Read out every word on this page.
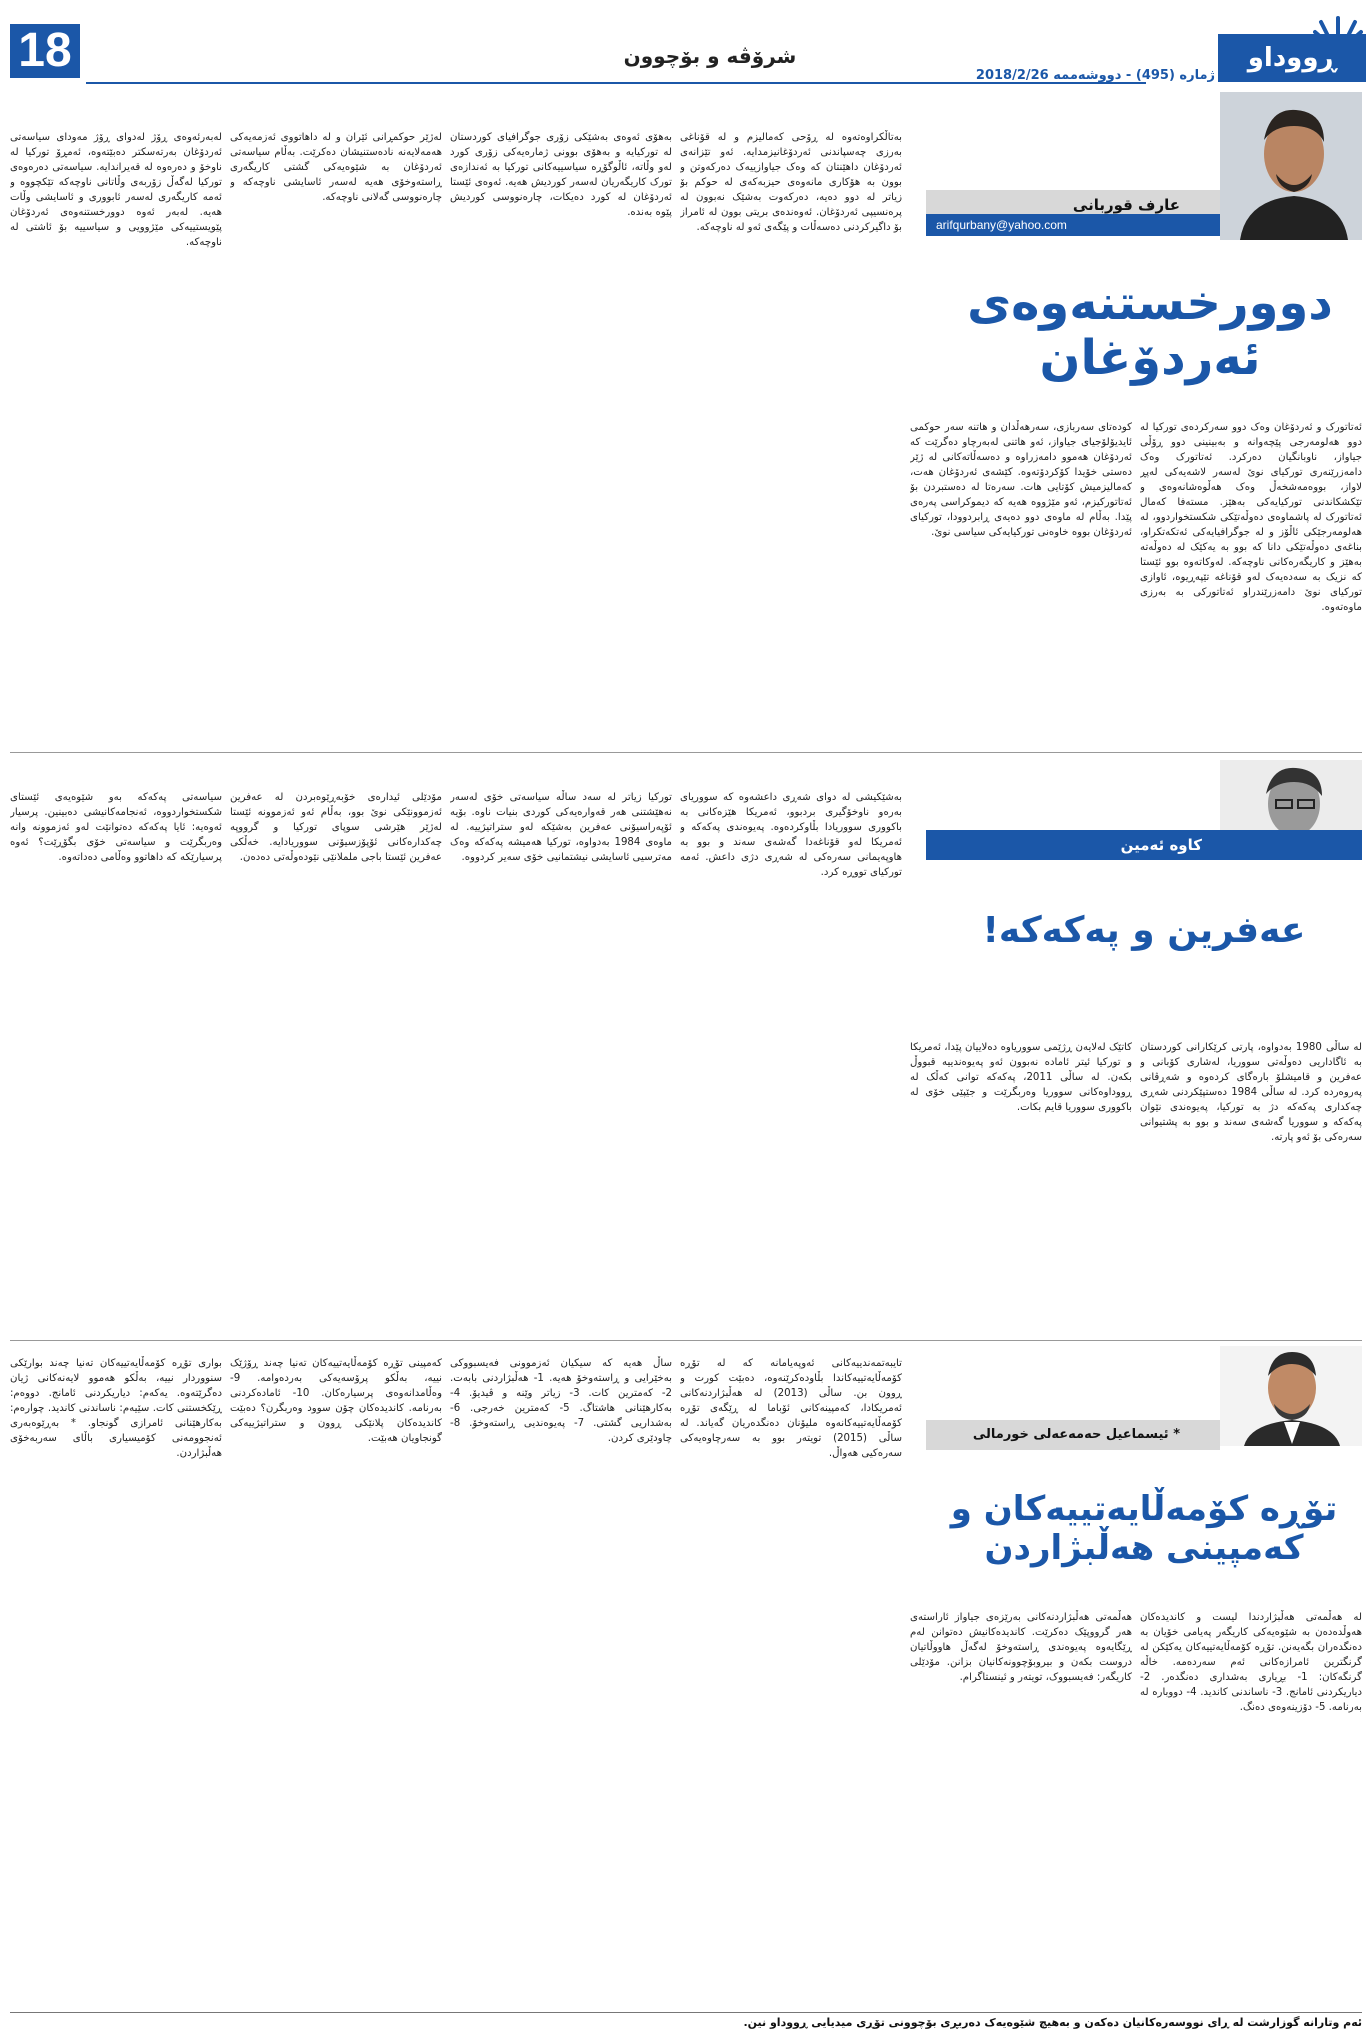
18	شرۆڤە و بۆچوون
ژمارە (495) - دووشەممە 2018/2/26
ڕووداو
عارف قوربانی
arifqurbany@yahoo.com
دوورخستنەوەی
ئەردۆغان
ئەتاتورک و ئەردۆغان وەک دوو سەرکردەی تورکیا لە دوو هەلومەرجی پێچەوانە و بەبینینی دوو ڕۆڵی جیاواز، ناوبانگیان دەرکرد. ئەتاتورک وەک دامەزرێنەری تورکیای نوێ لەسەر لاشەیەکی لەپڕ لاواز، بووەمەشخەڵ وەک هەڵوەشانەوەی و تێکشکاندنی تورکیایەکی بەهێز. مستەفا کەمال ئەتاتورک لە پاشماوەی دەوڵەتێکی شکستخواردوو، لە هەلومەرجێکی ئاڵۆز و لە جوگرافیایەکی ئەتکەتکراو، بناغەی دەوڵەتێکی دانا کە بوو بە یەکێک لە دەوڵەتە بەهێز و کاریگەرەکانی ناوچەکە. لەوکاتەوە بوو ئێستا کە نزیک بە سەدەیەک لەو قۆناغە تێپەڕیوە، ئاوازی تورکیای نوێ دامەزرێندراو ئەتاتورکی بە بەرزی ماوەتەوە.
کودەتای سەربازی، سەرهەڵدان و هاتنە سەر حوکمی ئایدیۆلۆجیای جیاواز، ئەو هاتنی لەبەرچاو دەگرێت کە ئەردۆغان هەموو دامەزراوە و دەسەڵاتەکانی لە ژێر دەستی خۆیدا کۆکردۆتەوە. کێشەی ئەردۆغان هەت، کەمالیزمیش کۆتایی هات. سەرەتا لە دەستبردن بۆ ئەتاتورکیزم، ئەو مێژووە هەیە کە دیموکراسی پەرەی پێدا. بەڵام لە ماوەی دوو دەیەی ڕابردوودا، تورکیای ئەردۆغان بووە خاوەنی تورکیایەکی سیاسی نوێ.
بەتاڵکراوەتەوە لە ڕۆحی کەمالیزم و لە قۆناغی بەرزی چەسپاندنی ئەردۆغانیزمدایە. ئەو تێزانەی ئەردۆغان داهێنتان کە وەک جیاوازییەک دەرکەوتن و بوون بە هۆکاری مانەوەی حیزبەکەی لە حوکم بۆ زیاتر لە دوو دەیە، دەرکەوت بەشێک نەبوون لە پرەنسیپی ئەردۆغان. ئەوەندەی بریتی بوون لە ئامراز بۆ داگیرکردنی دەسەڵات و پێگەی ئەو لە ناوچەکە.
بەهۆی ئەوەی بەشێکی زۆری جوگرافیای کوردستان لە تورکیایە و بەهۆی بوونی ژمارەیەکی زۆری کورد لەو وڵاتە، ئاڵوگۆڕە سیاسییەکانی تورکیا بە ئەندازەی تورک کاریگەریان لەسەر کوردیش هەیە. ئەوەی ئێستا ئەردۆغان لە کورد دەیکات، چارەنووسی کوردیش پێوە بەندە.
لەژێر حوکمڕانی ئێران و لە داهاتووی ئەزمەیەکی هەمەلایەنە نادەستنیشان دەکرێت. بەڵام سیاسەتی ئەردۆغان بە شێوەیەکی گشتی کاریگەری ڕاستەوخۆی هەیە لەسەر ئاسایشی ناوچەکە و چارەنووسی گەلانی ناوچەکە.
لەبەرئەوەی ڕۆژ لەدوای ڕۆژ مەودای سیاسەتی ئەردۆغان بەرتەسکتر دەبێتەوە، ئەمڕۆ تورکیا لە ناوخۆ و دەرەوە لە قەیراندایە. سیاسەتی دەرەوەی تورکیا لەگەڵ زۆربەی وڵاتانی ناوچەکە تێکچووە و ئەمە کاریگەری لەسەر ئابووری و ئاسایشی وڵات هەیە. لەبەر ئەوە دوورخستنەوەی ئەردۆغان پێویستییەکی مێژوویی و سیاسییە بۆ ئاشتی لە ناوچەکە.
کاوە ئەمین
عەفرین و پەکەکە!
لە ساڵی 1980 بەدواوە، پارتی کرێکارانی کوردستان بە ئاگاداریی دەوڵەتی سووریا، لەشاری کۆبانی و عەفرین و قامیشلۆ بارەگای کردەوە و شەڕڤانی پەروەردە کرد. لە ساڵی 1984 دەستپێکردنی شەڕی چەکداری پەکەکە دژ بە تورکیا، پەیوەندی نێوان پەکەکە و سووریا گەشەی سەند و بوو بە پشتیوانی سەرەکی بۆ ئەو پارتە.
کاتێک لەلایەن ڕژێمی سووریاوە دەلاییان پێدا، ئەمریکا و تورکیا ئیتر ئامادە نەبوون ئەو پەیوەندییە قبووڵ بکەن. لە ساڵی 2011، پەکەکە توانی کەڵک لە ڕووداوەکانی سووریا وەربگرێت و جێپێی خۆی لە باکووری سووریا قایم بکات.
بەشێکیشی لە دوای شەڕی داعشەوە کە سووریای بەرەو ناوخۆگیری بردبوو، ئەمریکا هێزەکانی بە باکووری سووریادا بڵاوکردەوە. پەیوەندی پەکەکە و ئەمریکا لەو قۆناغەدا گەشەی سەند و بوو بە هاوپەیمانی سەرەکی لە شەڕی دژی داعش. ئەمە تورکیای تووڕە کرد.
تورکیا زیاتر لە سەد ساڵە سیاسەتی خۆی لەسەر نەهێشتنی هەر قەوارەیەکی کوردی بنیات ناوە. بۆیە ئۆپەراسیۆنی عەفرین بەشێکە لەو ستراتیژییە. لە ماوەی 1984 بەدواوە، تورکیا هەمیشە پەکەکە وەک مەترسیی ئاسایشی نیشتمانیی خۆی سەیر کردووە.
مۆدێلی ئیدارەی خۆبەڕێوەبردن لە عەفرین ئەزموونێکی نوێ بوو، بەڵام ئەو ئەزموونە ئێستا لەژێر هێرشی سوپای تورکیا و گرووپە چەکدارەکانی ئۆپۆزسیۆنی سووریادایە. خەڵکی عەفرین ئێستا باجی ململانێی نێودەوڵەتی دەدەن.
سیاسەتی پەکەکە بەو شێوەیەی ئێستای شکستخواردووە، ئەنجامەکانیشی دەبینین. پرسیار ئەوەیە: ئایا پەکەکە دەتوانێت لەو ئەزموونە وانە وەربگرێت و سیاسەتی خۆی بگۆڕێت؟ ئەوە پرسیارێکە کە داهاتوو وەڵامی دەداتەوە.
* ئیسماعیل حەمەعەلی خورمالی
تۆڕە کۆمەڵایەتییەکان و
کەمپینی هەڵبژاردن
لە هەڵمەتی هەڵبژاردندا لیست و کاندیدەکان هەوڵدەدەن بە شێوەیەکی کاریگەر پەیامی خۆیان بە دەنگدەران بگەیەنن. تۆڕە کۆمەڵایەتییەکان یەکێکن لە گرنگترین ئامرازەکانی ئەم سەردەمە. خاڵە گرنگەکان: 1- بڕیاری بەشداری دەنگدەر. 2- دیاریکردنی ئامانج. 3- ناساندنی کاندید. 4- دووبارە لە بەرنامە. 5- دۆزینەوەی دەنگ.
هەڵمەتی هەڵبژاردنەکانی بەرێزەی جیاواز ئاراستەی هەر گرووپێک دەکرێت. کاندیدەکانیش دەتوانن لەم ڕێگایەوە پەیوەندی ڕاستەوخۆ لەگەڵ هاووڵاتیان دروست بکەن و بیروبۆچوونەکانیان بزانن. مۆدێلی کاریگەر: فەیسبووک، تویتەر و ئینستاگرام.
تایبەتمەندییەکانی ئەوپەیامانە کە لە تۆڕە کۆمەڵایەتییەکاندا بڵاودەکرێنەوە، دەبێت کورت و ڕوون بن. ساڵی (2013) لە هەڵبژاردنەکانی ئەمریکادا، کەمپینەکانی ئۆباما لە ڕێگەی تۆڕە کۆمەڵایەتییەکانەوە ملیۆنان دەنگدەریان گەیاند. لە ساڵی (2015) تویتەر بوو بە سەرچاوەیەکی سەرەکیی هەواڵ.
ساڵ هەیە کە سیکیان ئەزموونی فەیسبووکی بەخێرایی و ڕاستەوخۆ هەیە. 1- هەڵبژاردنی بابەت. 2- کەمترین کات. 3- زیاتر وێنە و ڤیدیۆ. 4- بەکارهێنانی هاشتاگ. 5- کەمترین خەرجی. 6- بەشداریی گشتی. 7- پەیوەندیی ڕاستەوخۆ. 8- چاودێری کردن.
کەمپینی تۆڕە کۆمەڵایەتییەکان تەنیا چەند ڕۆژێک نییە، بەڵکو پرۆسەیەکی بەردەوامە. 9- وەڵامدانەوەی پرسیارەکان. 10- ئامادەکردنی بەرنامە. کاندیدەکان چۆن سوود وەربگرن؟ دەبێت کاندیدەکان پلانێکی ڕوون و ستراتیژییەکی گونجاویان هەبێت.
بواری تۆڕە کۆمەڵایەتییەکان تەنیا چەند بوارێکی سنووردار نییە، بەڵکو هەموو لایەنەکانی ژیان دەگرێتەوە. یەکەم: دیاریکردنی ئامانج. دووەم: ڕێکخستنی کات. سێیەم: ناساندنی کاندید. چوارەم: بەکارهێنانی ئامرازی گونجاو. * بەڕێوەبەری ئەنجوومەنی کۆمیسیاری باڵای سەربەخۆی هەڵبژاردن.
ئەم وتارانە گوزارشت لە ڕای نووسەرەکانیان دەکەن و بەهیچ شێوەیەک دەربڕی بۆچوونی تۆڕی میدیایی ڕووداو نین.
